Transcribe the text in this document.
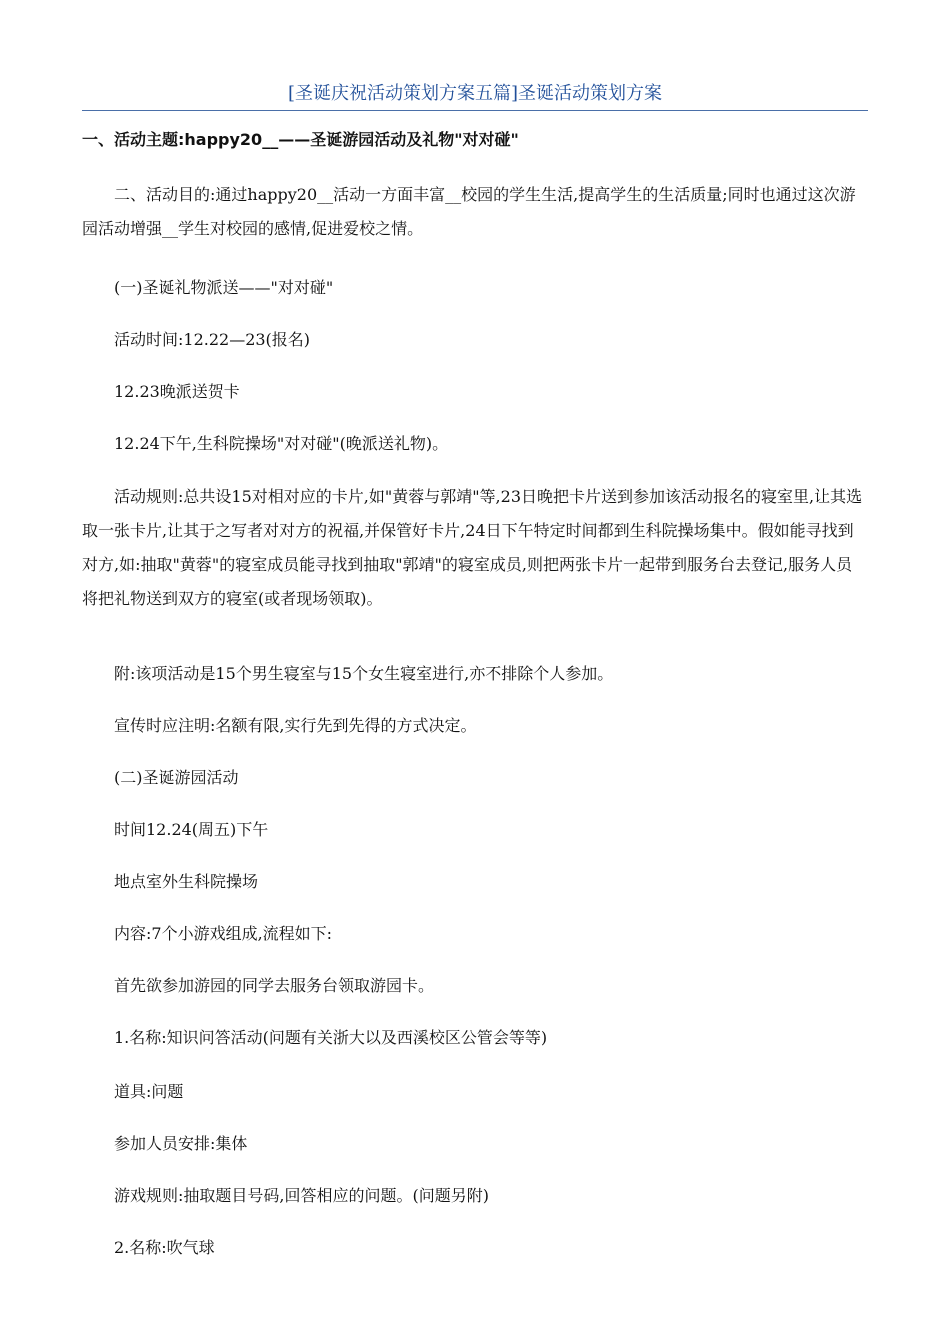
[圣诞庆祝活动策划方案五篇]圣诞活动策划方案
一、活动主题:happy20__——圣诞游园活动及礼物"对对碰"

二、活动目的:通过happy20__活动一方面丰富__校园的学生生活,提高学生的生活质量;同时也通过这次游园活动增强__学生对校园的感情,促进爱校之情。

(一)圣诞礼物派送——"对对碰"

活动时间:12.22—23(报名)

12.23晚派送贺卡

12.24下午,生科院操场"对对碰"(晚派送礼物)。

活动规则:总共设15对相对应的卡片,如"黄蓉与郭靖"等,23日晚把卡片送到参加该活动报名的寝室里,让其选取一张卡片,让其于之写者对对方的祝福,并保管好卡片,24日下午特定时间都到生科院操场集中。假如能寻找到对方,如:抽取"黄蓉"的寝室成员能寻找到抽取"郭靖"的寝室成员,则把两张卡片一起带到服务台去登记,服务人员将把礼物送到双方的寝室(或者现场领取)。

附:该项活动是15个男生寝室与15个女生寝室进行,亦不排除个人参加。

宣传时应注明:名额有限,实行先到先得的方式决定。

(二)圣诞游园活动

时间12.24(周五)下午

地点室外生科院操场

内容:7个小游戏组成,流程如下:

首先欲参加游园的同学去服务台领取游园卡。

1.名称:知识问答活动(问题有关浙大以及西溪校区公管会等等)

道具:问题

参加人员安排:集体

游戏规则:抽取题目号码,回答相应的问题。(问题另附)

2.名称:吹气球
